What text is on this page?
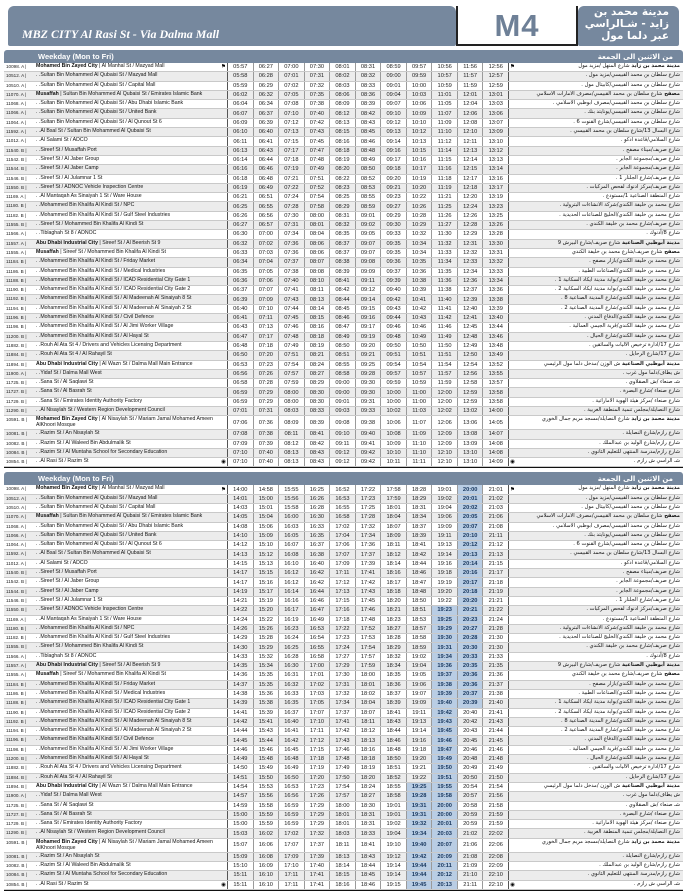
MBZ CITY Al Rasi St - Via Dalma Mall	M4	مدينة محمد بن زايد - شـالراسي عبر دلما مول
Weekday (Mon to Fri)	من الاثنين الى الجمعة
10098. A |	Mohamed Bin Zayed City | Al Manhal St / Mazyad Mall	⚑	05:57	06:27	07:00	07:30	08:01	08:31	08:59	09:57	10:56	11:56	12:56	⚑	مدينة محمد بن زايد شارع المنهل /مزيد مول
10512. A |	. .Sultan Bin Mohammed Al Qubaisi St / Mazyad Mall	05:58	06:28	07:01	07:31	08:02	08:32	09:00	09:59	10:57	11:57	12:57	شارع سلطان بن محمد القبيسي/مزيد مول .
10510. A |	. .Sultan Bin Mohammed Al Qubaisi St / Capital Mall	05:59	06:29	07:02	07:32	08:03	08:33	09:01	10:00	10:59	11:59	12:59	شارع سلطان بن محمد القبيسي/كابيتال مول .
11070. A |	Musaffah | Sultan Bin Mohammed Al Qubaisi St / Emirates Islamic Bank	06:02	06:32	07:05	07:35	08:06	08:36	09:04	10:03	11:01	12:01	13:01	مصفح شارع سلطان بن محمد القبيسي/مصرف الامارات الاسلامي
11068. A |	. .Sultan Bin Mohammed Al Qubaisi St / Abu Dhabi Islamic Bank	06:04	06:34	07:08	07:38	08:09	08:39	09:07	10:06	11:05	12:04	13:03	شارع سلطان بن محمد القبيسي/مصرف ابوظبي الاسلامي .
11066. A |	. .Sultan Bin Mohammed Al Qubaisi St / United Bank	06:07	06:37	07:10	07:40	08:12	08:42	09:10	10:09	11:07	12:06	13:06	شارع سلطان بن محمد القبيسي/يونايتد بنك .
11064. A |	. .Sultan Bin Mohammed Al Qubaisi St / Al Qunout St 6	06:09	06:39	07:12	07:42	08:13	08:43	09:12	10:10	11:09	12:08	13:07	شارع سلطان بن محمد القبيسي/شارع القنوت 6 .
11592. A |	. .Al Bsal St / Sultan Bin Mohammed Al Qubaisi St	06:10	06:40	07:13	07:43	08:15	08:45	09:13	10:12	11:10	12:10	13:09	شارع البسال 13/شارع سلطان بن محمد القبيسي .
11012. A |	. .Al Salami St / ADCO	06:11	06:41	07:15	07:45	08:16	08:46	09:14	10:13	11:12	12:11	13:10	شارع السلامي/قاعدة ادكو .
11540. B |	. .Sireef St / Musaffah Port	06:13	06:43	07:17	07:47	08:18	08:48	09:16	10:15	11:14	12:13	13:12	شارع صريف/ميناء مصفح .
11542. B |	. .Sireef St / Al Jaber Group	06:14	06:44	07:18	07:48	08:19	08:49	09:17	10:16	11:15	12:14	13:13	شارع صريف/مجموعة الجابر .
11544. B |	. .Sireef St / Al Jaber Camp	06:16	06:46	07:19	07:49	08:20	08:50	09:18	10:17	11:16	12:15	13:14	شارع صريف/مجموعة الجابر .
11546. B |	. .Sireef St / Al Julamnar 1 St	06:18	06:48	07:21	07:51	08:22	08:52	09:20	10:19	11:18	12:17	13:16	شارع صريف/شارع الجلنار 1 .
11550. B |	. .Sireef St / ADNOC Vehicle Inspection Centre	06:19	06:49	07:22	07:52	08:23	08:53	09:21	10:20	11:19	12:18	13:17	شارع صريف/مركز ادنوك لفحص المركبات .
11169. A |	. .Al Mantaqah As Sinaiyah 1 St / Ware House	06:21	06:51	07:24	07:54	08:25	08:55	09:23	10:22	11:21	12:20	13:19	شارع المنطقة الصناعية 1/مستودع .
11180. B |	. .Mohammed Bin Khalifa Al Kindi St / NPC	06:25	06:55	07:28	07:58	08:29	08:59	09:27	10:26	11:25	12:24	13:23	شارع محمد بن خليفة الكندي/شركة الانشاءات البترولية .
11182. B |	. .Mohammed Bin Khalifa Al Kindi St / Gulf Steel Industries	06:26	06:56	07:30	08:00	08:31	09:01	09:29	10:28	11:26	12:26	13:25	شارع محمد بن خليفة الكندي/الخليج للصناعات الحديدية .
11555. B |	. .Sireef St / Mohammed Bin Khalifa Al Kindi St	06:27	06:57	07:31	08:01	08:32	09:02	09:30	10:29	11:27	12:28	13:26	شارع صريف/شارع محمد بن خليفة الكندي .
11566. A |	. .Tiblaghah St 8 / ADNOC	06:30	07:00	07:34	08:04	08:35	09:05	09:33	10:32	11:30	12:29	13:28	شارع 8/أدنوك .
11557. A |	Abu Dhabi Industrial City | Sireef St / Al Beerish St 9	06:32	07:02	07:36	08:06	08:37	09:07	09:35	10:34	11:32	12:31	13:30	مدينة أبوظبي الصناعية شارع صريف/شارع البيرش 9
11555. A |	Musaffah | Sireef St / Mohammed Bin Khalifa Al Kindi St	06:33	07:03	07:36	08:06	08:37	09:07	09:35	10:34	11:33	12:32	13:31	مصفح شارع صريف/شارع محمد بن خليفة الكندي
11184. B |	. .Mohammed Bin Khalifa Al Kindi St / Friday Market	06:34	07:04	07:37	08:07	08:38	09:08	09:36	10:35	11:34	12:33	13:32	شارع محمد بن خليفة الكندي/بازار مصفح .
11186. B |	. .Mohammed Bin Khalifa Al Kindi St / Medical Industries	06:35	07:05	07:38	08:08	08:39	09:09	09:37	10:36	11:35	12:34	13:33	شارع محمد بن خليفة الكندي/الصناعات الطبية .
11188. B |	. .Mohammed Bin Khalifa Al Kindi St / ICAD Residential City Gate 1	06:36	07:06	07:40	08:10	08:41	09:11	09:39	10:38	11:36	12:36	13:34	شارع محمد بن خليفة الكندي/بوابة مدينة ايكاد السكانية 1 .
11190. B |	. .Mohammed Bin Khalifa Al Kindi St / ICAD Residential City Gate 2	06:37	07:07	07:41	08:11	08:42	09:12	09:40	10:39	11:38	12:37	13:36	شارع محمد بن خليفة الكندي/بوابة مدينة ايكاد السكانية 2 .
11192. B |	. .Mohammed Bin Khalifa Al Kindi St / Al Madeenah Al Sinaiyah 8 St	06:39	07:09	07:43	08:13	08:44	09:14	09:42	10:41	11:40	12:39	13:38	شارع محمد بن خليفة الكندي/شارع المدينة الصناعية 8 .
11194. B |	. .Mohammed Bin Khalifa Al Kindi St / Al Madeenah Al Sinaiyah 2 St	06:40	07:10	07:44	08:14	08:45	09:15	09:43	10:42	11:41	12:40	13:39	شارع محمد بن خليفة الكندي/شارع المدينة الصناعية 2 .
11196. B |	. .Mohammed Bin Khalifa Al Kindi St / Civil Defence	06:41	07:11	07:45	08:15	08:46	09:16	09:44	10:43	11:42	12:41	13:40	شارع محمد بن خليفة الكندي/الدفاع المدني .
11198. B |	. .Mohammed Bin Khalifa Al Kindi St / Al Jimi Worker Village	06:43	07:13	07:46	08:16	08:47	09:17	09:46	10:46	11:46	12:45	13:44	شارع محمد بن خليفة الكندي/قرية الجيمي العمالية .
11200. B |	. .Mohammed Bin Khalifa Al Kindi St / Al Hayal St	06:47	07:17	07:48	08:18	08:49	09:19	09:48	10:49	11:49	12:48	13:46	شارع محمد بن خليفة الكندي/شارع الحيال .
11882. B |	. .Rouh Al Ata St 4 / Drivers and Vehicles Licensing Department	06:48	07:18	07:49	08:19	08:50	09:20	09:50	10:50	11:50	12:49	13:48	شارع 17/ادارة ترخيص الاليات والسائقين .
11884. B |	. .Rouh Al Ata St 4 / Al Rahayil St	06:50	07:20	07:51	08:21	08:51	09:21	09:51	10:51	11:51	12:50	13:49	شارع 17/شارع الرحايل .
11894. B |	Abu Dhabi Industrial City | Al Wazn St / Dalma Mall Main Entrance	06:53	07:23	07:54	08:24	08:55	09:25	09:54	10:54	11:54	12:54	13:52	مدينة أبوظبي الصناعية ش الوزن /مدخل دلما مول الرئيسي
11900. A |	. .Yidaf St / Dalma Mall West	06:56	07:26	07:57	08:27	08:58	09:28	09:57	10:57	11:57	12:56	13:55	ش يطاف/دلما مول غرب .
11725. B |	. .Sana St / Al Saqlawi St	06:58	07:28	07:59	08:29	09:00	09:30	09:59	10:59	11:59	12:58	13:57	شـ صنعاء /ش الصقلاوي .
11727. B |	. .Sana St / Al Basrah St	06:59	07:29	08:00	08:30	09:00	09:30	10:00	11:00	12:00	12:59	13:58	شارع صنعاء /شارع البصرة .
11729. B |	. .Sana St / Emirates Identity Authority Factory	06:59	07:29	08:00	08:30	09:01	09:31	10:00	11:00	12:00	12:59	13:58	شارع صنعاء /مركز هيئة الهوية الاماراتية .
11290. B |	. .Al Nisaylah St / Western Region Development Council	07:01	07:31	08:03	08:33	09:03	09:33	10:02	11:03	12:02	13:02	14:00	شارع النصايلة/مجلس تنمية المنطقة الغربية .
10591. B |	Mohamed Bin Zayed City | Al Nisaylah St / Mariam Jamal Mohamed Ameen AlKhoori Mosque	07:06	07:36	08:09	08:39	09:08	09:38	10:06	11:07	12:06	13:06	14:05
مدينة محمد بن زايد شارع النصايلة/مسجد مريم جمال الخوري
10081. B |	. .Razim St / An Nisaylah St	07:08	07:38	08:11	08:41	09:10	09:40	10:08	11:09	12:09	13:08	14:07	شارع رازم/شارع النصايلة .
10082. B |	. .Razim St / Al Waleed Bin Abdulmalik St	07:09	07:39	08:12	08:42	09:11	09:41	10:09	11:10	12:09	13:09	14:08	شارع رازم/شارع الوليد بن عبدالملك .
10084. B |	. .Razim St / Al Muntaha School for Secondary Education	07:10	07:40	08:13	08:43	09:12	09:42	10:10	11:10	12:10	13:10	14:08	شارع رازم/مدرسة المنتهى للتعليم الثانوي .
10854. B |	. .Al Rasi St / Razim St	◉	07:10	07:40	08:13	08:43	09:12	09:42	10:11	11:11	12:10	13:10	14:09	◉	شـ الراسي ش رازم .
Weekday (Mon to Fri)	من الاثنين الى الجمعة
10098. A |	Mohamed Bin Zayed City | Al Manhal St / Mazyad Mall	⚑	14:00	14:58	15:55	16:25	16:52	17:22	17:58	18:28	19:01	20:00	21:01	⚑	مدينة محمد بن زايد شارع المنهل /مزيد مول
10512. A |	. .Sultan Bin Mohammed Al Qubaisi St / Mazyad Mall	14:01	15:00	15:56	16:26	16:53	17:23	17:59	18:29	19:02	20:01	21:02	شارع سلطان بن محمد القبيسي/مزيد مول .
10510. A |	. .Sultan Bin Mohammed Al Qubaisi St / Capital Mall	14:03	15:01	15:58	16:28	16:55	17:25	18:01	18:31	19:04	20:02	21:03	شارع سلطان بن محمد القبيسي/كابيتال مول .
11070. A |	Musaffah | Sultan Bin Mohammed Al Qubaisi St / Emirates Islamic Bank	14:05	15:04	16:00	16:30	16:58	17:28	18:04	18:34	19:06	20:05	21:06	مصفح شارع سلطان بن محمد القبيسي/مصرف الامارات الاسلامي
11068. A |	. .Sultan Bin Mohammed Al Qubaisi St / Abu Dhabi Islamic Bank	14:08	15:06	16:03	16:33	17:02	17:32	18:07	18:37	19:09	20:07	21:08	شارع سلطان بن محمد القبيسي/مصرف ابوظبي الاسلامي .
11066. A |	. .Sultan Bin Mohammed Al Qubaisi St / United Bank	14:10	15:09	16:05	16:35	17:04	17:34	18:09	18:39	19:11	20:10	21:11	شارع سلطان بن محمد القبيسي/يونايتد بنك .
11064. A |	. .Sultan Bin Mohammed Al Qubaisi St / Al Qunout St 6	14:12	15:10	16:07	16:37	17:06	17:36	18:11	18:41	19:13	20:12	21:12	شارع سلطان بن محمد القبيسي/شارع القنوت 6 .
11592. A |	. .Al Bsal St / Sultan Bin Mohammed Al Qubaisi St	14:13	15:12	16:08	16:38	17:07	17:37	18:12	18:42	19:14	20:13	21:13	شارع البسال 13/شارع سلطان بن محمد القبيسي .
11012. A |	. .Al Salami St / ADCO	14:15	15:13	16:10	16:40	17:09	17:39	18:14	18:44	19:16	20:14	21:15	شارع السلامي/قاعدة ادكو .
11540. B |	. .Sireef St / Musaffah Port	14:17	15:15	16:12	16:42	17:11	17:41	18:16	18:46	19:18	20:16	21:17	شارع صريف/ميناء مصفح .
11542. B |	. .Sireef St / Al Jaber Group	14:17	15:16	16:12	16:42	17:12	17:42	18:17	18:47	19:19	20:17	21:18	شارع صريف/مجموعة الجابر .
11544. B |	. .Sireef St / Al Jaber Camp	14:19	15:17	16:14	16:44	17:13	17:43	18:18	18:48	19:20	20:18	21:19	شارع صريف/مجموعة الجابر .
11546. B |	. .Sireef St / Al Julamnar 1 St	14:21	15:19	16:16	16:46	17:15	17:45	18:20	18:50	19:22	20:20	21:21	شارع صريف/شارع الجلنار 1 .
11550. B |	. .Sireef St / ADNOC Vehicle Inspection Centre	14:22	15:20	16:17	16:47	17:16	17:46	18:21	18:51	19:23	20:21	21:22	شارع صريف/مركز ادنوك لفحص المركبات .
11169. A |	. .Al Mantaqah As Sinaiyah 1 St / Ware House	14:24	15:22	16:19	16:49	17:18	17:48	18:23	18:53	19:25	20:23	21:24	شارع المنطقة الصناعية 1/مستودع .
11180. B |	. .Mohammed Bin Khalifa Al Kindi St / NPC	14:26	15:26	16:23	16:53	17:22	17:52	18:27	18:57	19:29	20:27	21:28	شارع محمد بن خليفة الكندي/شركة الانشاءات البترولية .
11182. B |	. .Mohammed Bin Khalifa Al Kindi St / Gulf Steel Industries	14:29	15:28	16:24	16:54	17:23	17:53	18:28	18:58	19:30	20:28	21:30	شارع محمد بن خليفة الكندي/الخليج للصناعات الحديدية .
11555. B |	. .Sireef St / Mohammed Bin Khalifa Al Kindi St	14:30	15:29	16:25	16:55	17:24	17:54	18:29	18:59	19:31	20:30	21:30	شارع صريف/شارع محمد بن خليفة الكندي .
11566. A |	. .Tiblaghah St 8 / ADNOC	14:33	15:32	16:28	16:58	17:27	17:57	18:32	19:02	19:34	20:33	21:33	شارع 8/أدنوك .
11557. A |	Abu Dhabi Industrial City | Sireef St / Al Beerish St 9	14:35	15:34	16:30	17:00	17:29	17:59	18:34	19:04	19:36	20:35	21:35	مدينة أبوظبي الصناعية شارع صريف/شارع البيرش 9
11555. A |	Musaffah | Sireef St / Mohammed Bin Khalifa Al Kindi St	14:36	15:35	16:31	17:01	17:30	18:00	18:35	19:05	19:37	20:36	21:36	مصفح شارع صريف/شارع محمد بن خليفة الكندي
11184. B |	. .Mohammed Bin Khalifa Al Kindi St / Friday Market	14:37	15:35	16:32	17:02	17:31	18:01	18:36	19:06	19:38	20:36	21:37	شارع محمد بن خليفة الكندي/بازار مصفح .
11186. B |	. .Mohammed Bin Khalifa Al Kindi St / Medical Industries	14:38	15:36	16:33	17:03	17:32	18:02	18:37	19:07	19:39	20:37	21:38	شارع محمد بن خليفة الكندي/الصناعات الطبية .
11188. B |	. .Mohammed Bin Khalifa Al Kindi St / ICAD Residential City Gate 1	14:39	15:38	16:35	17:05	17:34	18:04	18:39	19:09	19:40	20:39	21:40	شارع محمد بن خليفة الكندي/بوابة مدينة ايكاد السكانية 1 .
11190. B |	. .Mohammed Bin Khalifa Al Kindi St / ICAD Residential City Gate 2	14:41	15:39	16:37	17:07	17:37	18:07	18:41	19:11	19:42	20:40	21:41	شارع محمد بن خليفة الكندي/بوابة مدينة ايكاد السكانية 2 .
11192. B |	. .Mohammed Bin Khalifa Al Kindi St / Al Madeenah Al Sinaiyah 8 St	14:42	15:41	16:40	17:10	17:41	18:11	18:43	19:13	19:43	20:42	21:43	شارع محمد بن خليفة الكندي/شارع المدينة الصناعية 8 .
11194. B |	. .Mohammed Bin Khalifa Al Kindi St / Al Madeenah Al Sinaiyah 2 St	14:44	15:43	16:41	17:11	17:42	18:12	18:44	19:14	19:45	20:43	21:44	شارع محمد بن خليفة الكندي/شارع المدينة الصناعية 2 .
11196. B |	. .Mohammed Bin Khalifa Al Kindi St / Civil Defence	14:45	15:44	16:42	17:12	17:43	18:13	18:46	19:16	19:46	20:45	21:45	شارع محمد بن خليفة الكندي/الدفاع المدني .
11198. B |	. .Mohammed Bin Khalifa Al Kindi St / Al Jimi Worker Village	14:46	15:46	16:45	17:15	17:46	18:16	18:48	19:18	19:47	20:46	21:46	شارع محمد بن خليفة الكندي/قرية الجيمي العمالية .
11200. B |	. .Mohammed Bin Khalifa Al Kindi St / Al Hayal St	14:49	15:48	16:48	17:18	17:48	18:18	18:50	19:20	19:49	20:48	21:48	شارع محمد بن خليفة الكندي/شارع الحيال .
11882. B |	. .Rouh Al Ata St 4 / Drivers and Vehicles Licensing Department	14:50	15:49	16:49	17:19	17:49	18:19	18:51	19:21	19:50	20:49	21:49	شارع 17/ادارة ترخيص الاليات والسائقين .
11884. B |	. .Rouh Al Ata St 4 / Al Rahayil St	14:51	15:50	16:50	17:20	17:50	18:20	18:52	19:22	19:51	20:50	21:50	شارع 17/شارع الرحايل .
11894. B |	Abu Dhabi Industrial City | Al Wazn St / Dalma Mall Main Entrance	14:54	15:53	16:53	17:23	17:54	18:24	18:55	19:25	19:55	20:54	21:54	مدينة أبوظبي الصناعية ش الوزن /مدخل دلما مول الرئيسي
11900. A |	. .Yidaf St / Dalma Mall West	14:57	15:56	16:56	17:26	17:57	18:27	18:58	19:28	19:58	20:57	21:56	ش يطاف/دلما مول غرب .
11725. B |	. .Sana St / Al Saqlawi St	14:59	15:58	16:59	17:29	18:00	18:30	19:01	19:31	20:00	20:58	21:58	شـ صنعاء /ش الصقلاوي .
11727. B |	. .Sana St / Al Basrah St	15:00	15:59	16:59	17:29	18:01	18:31	19:01	19:31	20:00	20:59	21:59	شارع صنعاء /شارع البصرة .
11729. B |	. .Sana St / Emirates Identity Authority Factory	15:00	15:59	16:59	17:29	18:01	18:31	19:02	19:32	20:01	20:59	21:59	شارع صنعاء /مركز هيئة الهوية الاماراتية .
11290. B |	. .Al Nisaylah St / Western Region Development Council	15:03	16:02	17:02	17:32	18:03	18:33	19:04	19:34	20:03	21:02	22:02	شارع النصايلة/مجلس تنمية المنطقة الغربية .
10591. B |	Mohamed Bin Zayed City | Al Nisaylah St / Mariam Jamal Mohamed Ameen AlKhoori Mosque	15:07	16:06	17:07	17:37	18:11	18:41	19:10	19:40	20:07	21:06	22:06
مدينة محمد بن زايد شارع النصايلة/مسجد مريم جمال الخوري
10081. B |	. .Razim St / An Nisaylah St	15:09	16:08	17:09	17:39	18:13	18:43	19:12	19:42	20:09	21:08	22:08	شارع رازم/شارع النصايلة .
10082. B |	. .Razim St / Al Waleed Bin Abdulmalik St	15:10	16:09	17:10	17:40	18:14	18:44	19:14	19:44	20:11	21:09	22:09	شارع رازم/شارع الوليد بن عبدالملك .
10084. B |	. .Razim St / Al Muntaha School for Secondary Education	15:11	16:10	17:11	17:41	18:15	18:45	19:14	19:44	20:12	21:10	22:10	شارع رازم/مدرسة المنتهى للتعليم الثانوي .
10854. B |	. .Al Rasi St / Razim St	◉	15:11	16:10	17:11	17:41	18:16	18:46	19:15	19:45	20:13	21:11	22:10	◉	شـ الراسي ش رازم .
